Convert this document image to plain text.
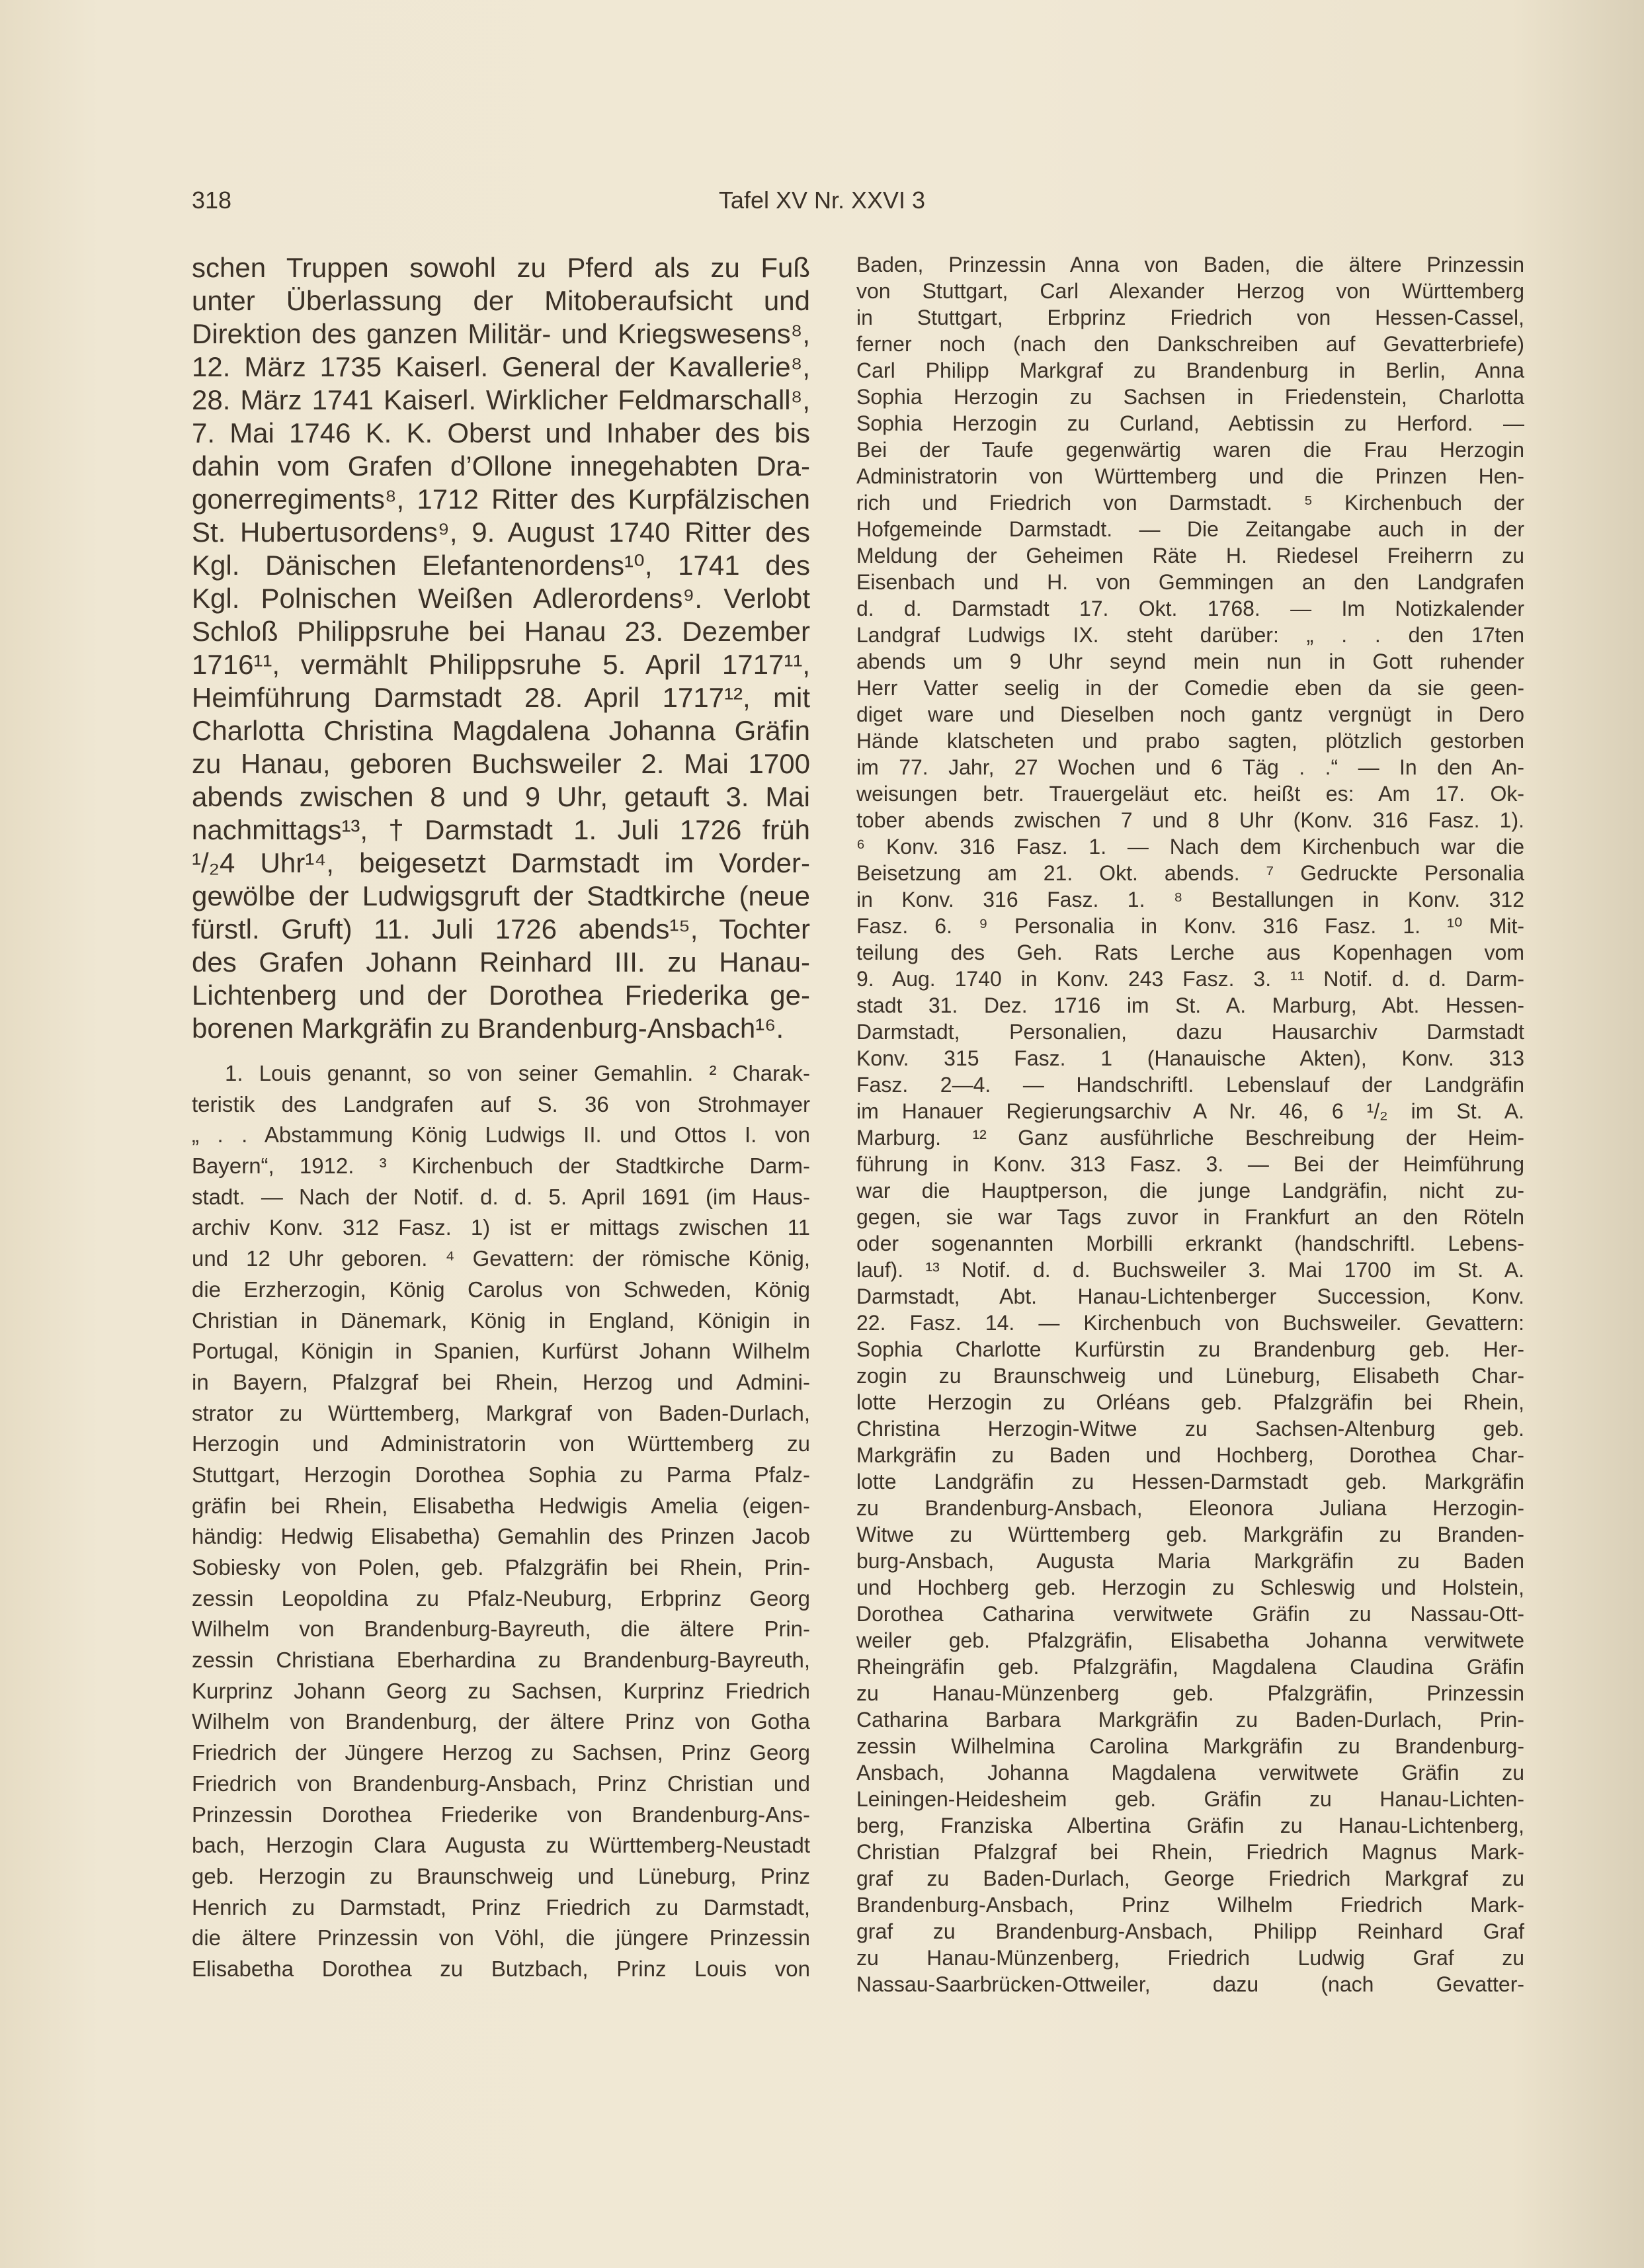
318	Tafel XV Nr. XXVI 3
schen Truppen sowohl zu Pferd als zu Fuß
unter Überlassung der Mitoberaufsicht und
Direktion des ganzen Militär- und Kriegswesens⁸,
12. März 1735 Kaiserl. General der Kavallerie⁸,
28. März 1741 Kaiserl. Wirklicher Feldmarschall⁸,
7. Mai 1746 K. K. Oberst und Inhaber des bis
dahin vom Grafen d’Ollone innegehabten Dra-
gonerregiments⁸, 1712 Ritter des Kurpfälzischen
St. Hubertusordens⁹, 9. August 1740 Ritter des
Kgl. Dänischen Elefantenordens¹⁰, 1741 des
Kgl. Polnischen Weißen Adlerordens⁹. Verlobt
Schloß Philippsruhe bei Hanau 23. Dezember
1716¹¹, vermählt Philippsruhe 5. April 1717¹¹,
Heimführung Darmstadt 28. April 1717¹², mit
Charlotta Christina Magdalena Johanna Gräfin
zu Hanau, geboren Buchsweiler 2. Mai 1700
abends zwischen 8 und 9 Uhr, getauft 3. Mai
nachmittags¹³, † Darmstadt 1. Juli 1726 früh
¹/₂4 Uhr¹⁴, beigesetzt Darmstadt im Vorder-
gewölbe der Ludwigsgruft der Stadtkirche (neue
fürstl. Gruft) 11. Juli 1726 abends¹⁵, Tochter
des Grafen Johann Reinhard III. zu Hanau-
Lichtenberg und der Dorothea Friederika ge-
borenen Markgräfin zu Brandenburg-Ansbach¹⁶.
1. Louis genannt, so von seiner Gemahlin. ² Charak-
teristik des Landgrafen auf S. 36 von Strohmayer
„ . . Abstammung König Ludwigs II. und Ottos I. von
Bayern“, 1912. ³ Kirchenbuch der Stadtkirche Darm-
stadt. — Nach der Notif. d. d. 5. April 1691 (im Haus-
archiv Konv. 312 Fasz. 1) ist er mittags zwischen 11
und 12 Uhr geboren. ⁴ Gevattern: der römische König,
die Erzherzogin, König Carolus von Schweden, König
Christian in Dänemark, König in England, Königin in
Portugal, Königin in Spanien, Kurfürst Johann Wilhelm
in Bayern, Pfalzgraf bei Rhein, Herzog und Admini-
strator zu Württemberg, Markgraf von Baden-Durlach,
Herzogin und Administratorin von Württemberg zu
Stuttgart, Herzogin Dorothea Sophia zu Parma Pfalz-
gräfin bei Rhein, Elisabetha Hedwigis Amelia (eigen-
händig: Hedwig Elisabetha) Gemahlin des Prinzen Jacob
Sobiesky von Polen, geb. Pfalzgräfin bei Rhein, Prin-
zessin Leopoldina zu Pfalz-Neuburg, Erbprinz Georg
Wilhelm von Brandenburg-Bayreuth, die ältere Prin-
zessin Christiana Eberhardina zu Brandenburg-Bayreuth,
Kurprinz Johann Georg zu Sachsen, Kurprinz Friedrich
Wilhelm von Brandenburg, der ältere Prinz von Gotha
Friedrich der Jüngere Herzog zu Sachsen, Prinz Georg
Friedrich von Brandenburg-Ansbach, Prinz Christian und
Prinzessin Dorothea Friederike von Brandenburg-Ans-
bach, Herzogin Clara Augusta zu Württemberg-Neustadt
geb. Herzogin zu Braunschweig und Lüneburg, Prinz
Henrich zu Darmstadt, Prinz Friedrich zu Darmstadt,
die ältere Prinzessin von Vöhl, die jüngere Prinzessin
Elisabetha Dorothea zu Butzbach, Prinz Louis von
Baden, Prinzessin Anna von Baden, die ältere Prinzessin
von Stuttgart, Carl Alexander Herzog von Württemberg
in Stuttgart, Erbprinz Friedrich von Hessen-Cassel,
ferner noch (nach den Dankschreiben auf Gevatterbriefe)
Carl Philipp Markgraf zu Brandenburg in Berlin, Anna
Sophia Herzogin zu Sachsen in Friedenstein, Charlotta
Sophia Herzogin zu Curland, Aebtissin zu Herford. —
Bei der Taufe gegenwärtig waren die Frau Herzogin
Administratorin von Württemberg und die Prinzen Hen-
rich und Friedrich von Darmstadt. ⁵ Kirchenbuch der
Hofgemeinde Darmstadt. — Die Zeitangabe auch in der
Meldung der Geheimen Räte H. Riedesel Freiherrn zu
Eisenbach und H. von Gemmingen an den Landgrafen
d. d. Darmstadt 17. Okt. 1768. — Im Notizkalender
Landgraf Ludwigs IX. steht darüber: „ . . den 17ten
abends um 9 Uhr seynd mein nun in Gott ruhender
Herr Vatter seelig in der Comedie eben da sie geen-
diget ware und Dieselben noch gantz vergnügt in Dero
Hände klatscheten und prabo sagten, plötzlich gestorben
im 77. Jahr, 27 Wochen und 6 Täg . .“ — In den An-
weisungen betr. Trauergeläut etc. heißt es: Am 17. Ok-
tober abends zwischen 7 und 8 Uhr (Konv. 316 Fasz. 1).
⁶ Konv. 316 Fasz. 1. — Nach dem Kirchenbuch war die
Beisetzung am 21. Okt. abends. ⁷ Gedruckte Personalia
in Konv. 316 Fasz. 1. ⁸ Bestallungen in Konv. 312
Fasz. 6. ⁹ Personalia in Konv. 316 Fasz. 1. ¹⁰ Mit-
teilung des Geh. Rats Lerche aus Kopenhagen vom
9. Aug. 1740 in Konv. 243 Fasz. 3. ¹¹ Notif. d. d. Darm-
stadt 31. Dez. 1716 im St. A. Marburg, Abt. Hessen-
Darmstadt, Personalien, dazu Hausarchiv Darmstadt
Konv. 315 Fasz. 1 (Hanauische Akten), Konv. 313
Fasz. 2—4. — Handschriftl. Lebenslauf der Landgräfin
im Hanauer Regierungsarchiv A Nr. 46, 6 ¹/₂ im St. A.
Marburg. ¹² Ganz ausführliche Beschreibung der Heim-
führung in Konv. 313 Fasz. 3. — Bei der Heimführung
war die Hauptperson, die junge Landgräfin, nicht zu-
gegen, sie war Tags zuvor in Frankfurt an den Röteln
oder sogenannten Morbilli erkrankt (handschriftl. Lebens-
lauf). ¹³ Notif. d. d. Buchsweiler 3. Mai 1700 im St. A.
Darmstadt, Abt. Hanau-Lichtenberger Succession, Konv.
22. Fasz. 14. — Kirchenbuch von Buchsweiler. Gevattern:
Sophia Charlotte Kurfürstin zu Brandenburg geb. Her-
zogin zu Braunschweig und Lüneburg, Elisabeth Char-
lotte Herzogin zu Orléans geb. Pfalzgräfin bei Rhein,
Christina Herzogin-Witwe zu Sachsen-Altenburg geb.
Markgräfin zu Baden und Hochberg, Dorothea Char-
lotte Landgräfin zu Hessen-Darmstadt geb. Markgräfin
zu Brandenburg-Ansbach, Eleonora Juliana Herzogin-
Witwe zu Württemberg geb. Markgräfin zu Branden-
burg-Ansbach, Augusta Maria Markgräfin zu Baden
und Hochberg geb. Herzogin zu Schleswig und Holstein,
Dorothea Catharina verwitwete Gräfin zu Nassau-Ott-
weiler geb. Pfalzgräfin, Elisabetha Johanna verwitwete
Rheingräfin geb. Pfalzgräfin, Magdalena Claudina Gräfin
zu Hanau-Münzenberg geb. Pfalzgräfin, Prinzessin
Catharina Barbara Markgräfin zu Baden-Durlach, Prin-
zessin Wilhelmina Carolina Markgräfin zu Brandenburg-
Ansbach, Johanna Magdalena verwitwete Gräfin zu
Leiningen-Heidesheim geb. Gräfin zu Hanau-Lichten-
berg, Franziska Albertina Gräfin zu Hanau-Lichtenberg,
Christian Pfalzgraf bei Rhein, Friedrich Magnus Mark-
graf zu Baden-Durlach, George Friedrich Markgraf zu
Brandenburg-Ansbach, Prinz Wilhelm Friedrich Mark-
graf zu Brandenburg-Ansbach, Philipp Reinhard Graf
zu Hanau-Münzenberg, Friedrich Ludwig Graf zu
Nassau-Saarbrücken-Ottweiler, dazu (nach Gevatter-
